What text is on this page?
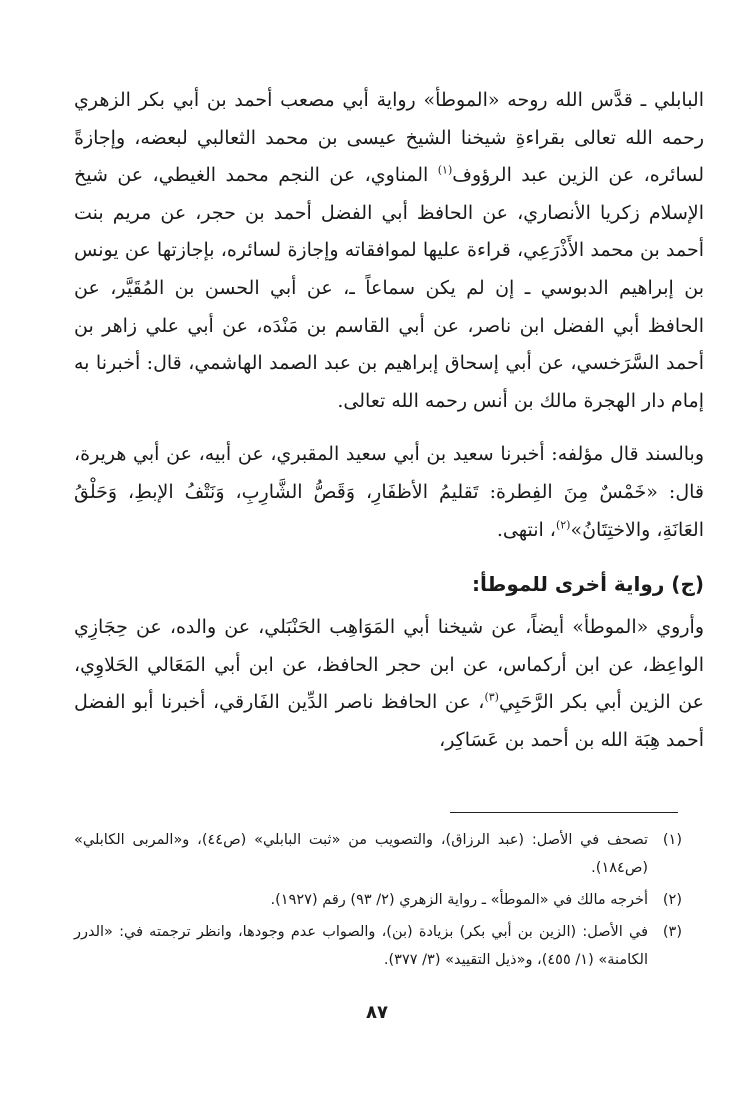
البابلي ـ قدَّس الله روحه «الموطأ» رواية أبي مصعب أحمد بن أبي بكر الزهري رحمه الله تعالى بقراءةِ شيخنا الشيخ عيسى بن محمد الثعالبي لبعضه، وإجازةً لسائره، عن الزين عبد الرؤوف$^{(١)}$ المناوي، عن النجم محمد الغيطي، عن شيخ الإسلام زكريا الأنصاري، عن الحافظ أبي الفضل أحمد بن حجر، عن مريم بنت أحمد بن محمد الأَذْرَعِي، قراءة عليها لموافقاته وإجازة لسائره، بإجازتها عن يونس بن إبراهيم الدبوسي ـ إن لم يكن سماعاً ـ، عن أبي الحسن بن المُقَيَّر، عن الحافظ أبي الفضل ابن ناصر، عن أبي القاسم بن مَنْدَه، عن أبي علي زاهر بن أحمد السَّرَخسي، عن أبي إسحاق إبراهيم بن عبد الصمد الهاشمي، قال: أخبرنا به إمام دار الهجرة مالك بن أنس رحمه الله تعالى.

وبالسند قال مؤلفه: أخبرنا سعيد بن أبي سعيد المقبري، عن أبيه، عن أبي هريرة، قال: «خَمْسٌ مِنَ الفِطرة: تَقليمُ الأظفَارِ، وَقَصُّ الشَّارِبِ، وَنَتْفُ الإبطِ، وَحَلْقُ العَانَةِ، والاختِتَانُ»$^{(٢)}$، انتهى.

(ج) رواية أخرى للموطأ:

وأروي «الموطأ» أيضاً، عن شيخنا أبي المَوَاهِب الحَنْبَلي، عن والده، عن حِجَازِي الواعِظ، عن ابن أركماس، عن ابن حجر الحافظ، عن ابن أبي المَعَالي الحَلاوِي، عن الزين أبي بكر الرَّحَبِي$^{(٣)}$، عن الحافظ ناصر الدِّين الفَارقي، أخبرنا أبو الفضل أحمد هِبَة الله بن أحمد بن عَسَاكِر،

(١)
تصحف في الأصل: (عبد الرزاق)، والتصويب من «ثبت البابلي» (ص٤٤)، و«المربى الكابلي» (ص١٨٤).
(٢)
أخرجه مالك في «الموطأ» ـ رواية الزهري (٢/ ٩٣) رقم (١٩٢٧).
(٣)
في الأصل: (الزين بن أبي بكر) بزيادة (بن)، والصواب عدم وجودها، وانظر ترجمته في: «الدرر الكامنة» (١/ ٤٥٥)، و«ذيل التقييد» (٣/ ٣٧٧).
٨٧
